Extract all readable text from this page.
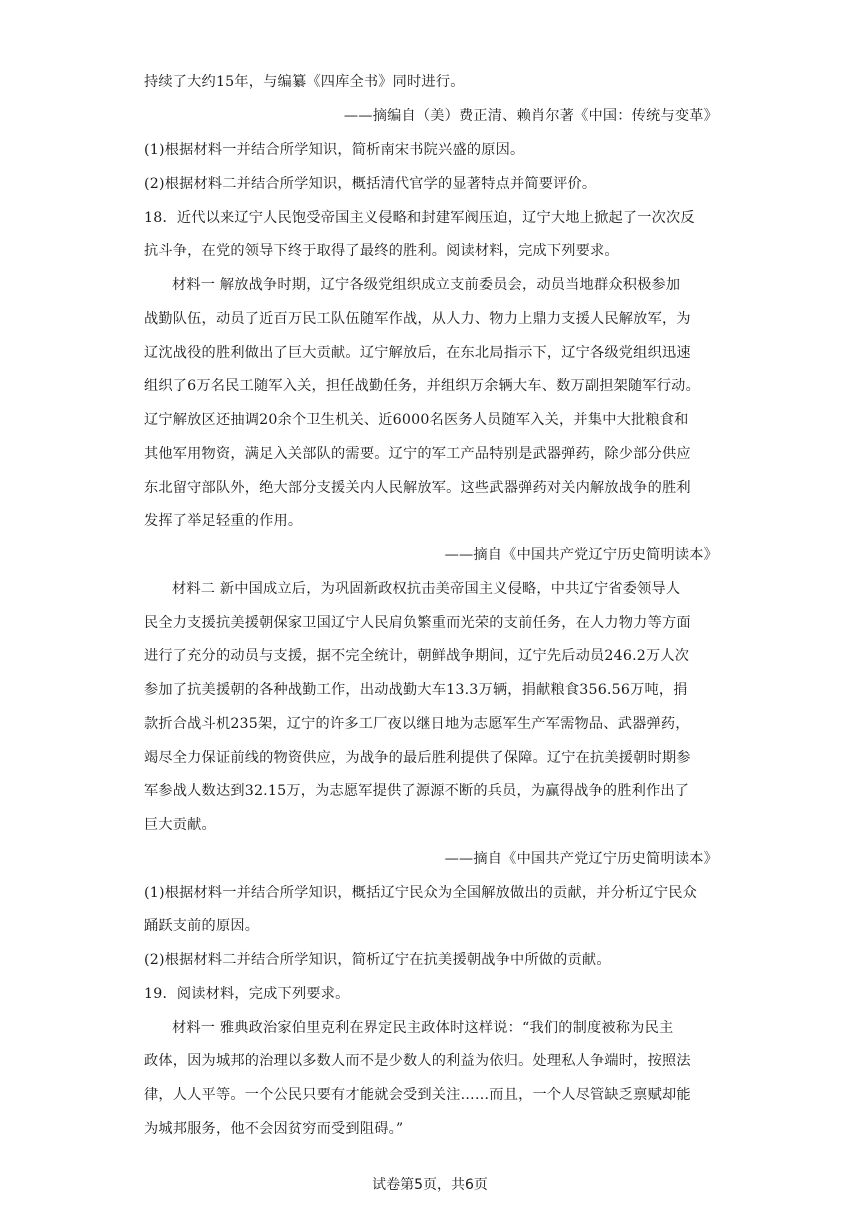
持续了大约15年，与编纂《四库全书》同时进行。
——摘编自（美）费正清、赖肖尔著《中国：传统与变革》
(1)根据材料一并结合所学知识，简析南宋书院兴盛的原因。
(2)根据材料二并结合所学知识，概括清代官学的显著特点并简要评价。
18．近代以来辽宁人民饱受帝国主义侵略和封建军阀压迫，辽宁大地上掀起了一次次反
抗斗争，在党的领导下终于取得了最终的胜利。阅读材料，完成下列要求。
材料一 解放战争时期，辽宁各级党组织成立支前委员会，动员当地群众积极参加
战勤队伍，动员了近百万民工队伍随军作战，从人力、物力上鼎力支援人民解放军，为
辽沈战役的胜利做出了巨大贡献。辽宁解放后，在东北局指示下，辽宁各级党组织迅速
组织了6万名民工随军入关，担任战勤任务，并组织万余辆大车、数万副担架随军行动。
辽宁解放区还抽调20余个卫生机关、近6000名医务人员随军入关，并集中大批粮食和
其他军用物资，满足入关部队的需要。辽宁的军工产品特别是武器弹药，除少部分供应
东北留守部队外，绝大部分支援关内人民解放军。这些武器弹药对关内解放战争的胜利
发挥了举足轻重的作用。
——摘自《中国共产党辽宁历史简明读本》
材料二 新中国成立后，为巩固新政权抗击美帝国主义侵略，中共辽宁省委领导人
民全力支援抗美援朝保家卫国辽宁人民肩负繁重而光荣的支前任务，在人力物力等方面
进行了充分的动员与支援，据不完全统计，朝鲜战争期间，辽宁先后动员246.2万人次
参加了抗美援朝的各种战勤工作，出动战勤大车13.3万辆，捐献粮食356.56万吨，捐
款折合战斗机235架，辽宁的许多工厂夜以继日地为志愿军生产军需物品、武器弹药，
竭尽全力保证前线的物资供应，为战争的最后胜利提供了保障。辽宁在抗美援朝时期参
军参战人数达到32.15万，为志愿军提供了源源不断的兵员，为赢得战争的胜利作出了
巨大贡献。
——摘自《中国共产党辽宁历史简明读本》
(1)根据材料一并结合所学知识，概括辽宁民众为全国解放做出的贡献，并分析辽宁民众
踊跃支前的原因。
(2)根据材料二并结合所学知识，简析辽宁在抗美援朝战争中所做的贡献。
19．阅读材料，完成下列要求。
材料一 雅典政治家伯里克利在界定民主政体时这样说：“我们的制度被称为民主
政体，因为城邦的治理以多数人而不是少数人的利益为依归。处理私人争端时，按照法
律，人人平等。一个公民只要有才能就会受到关注……而且，一个人尽管缺乏禀赋却能
为城邦服务，他不会因贫穷而受到阻碍。”
试卷第5页，共6页
